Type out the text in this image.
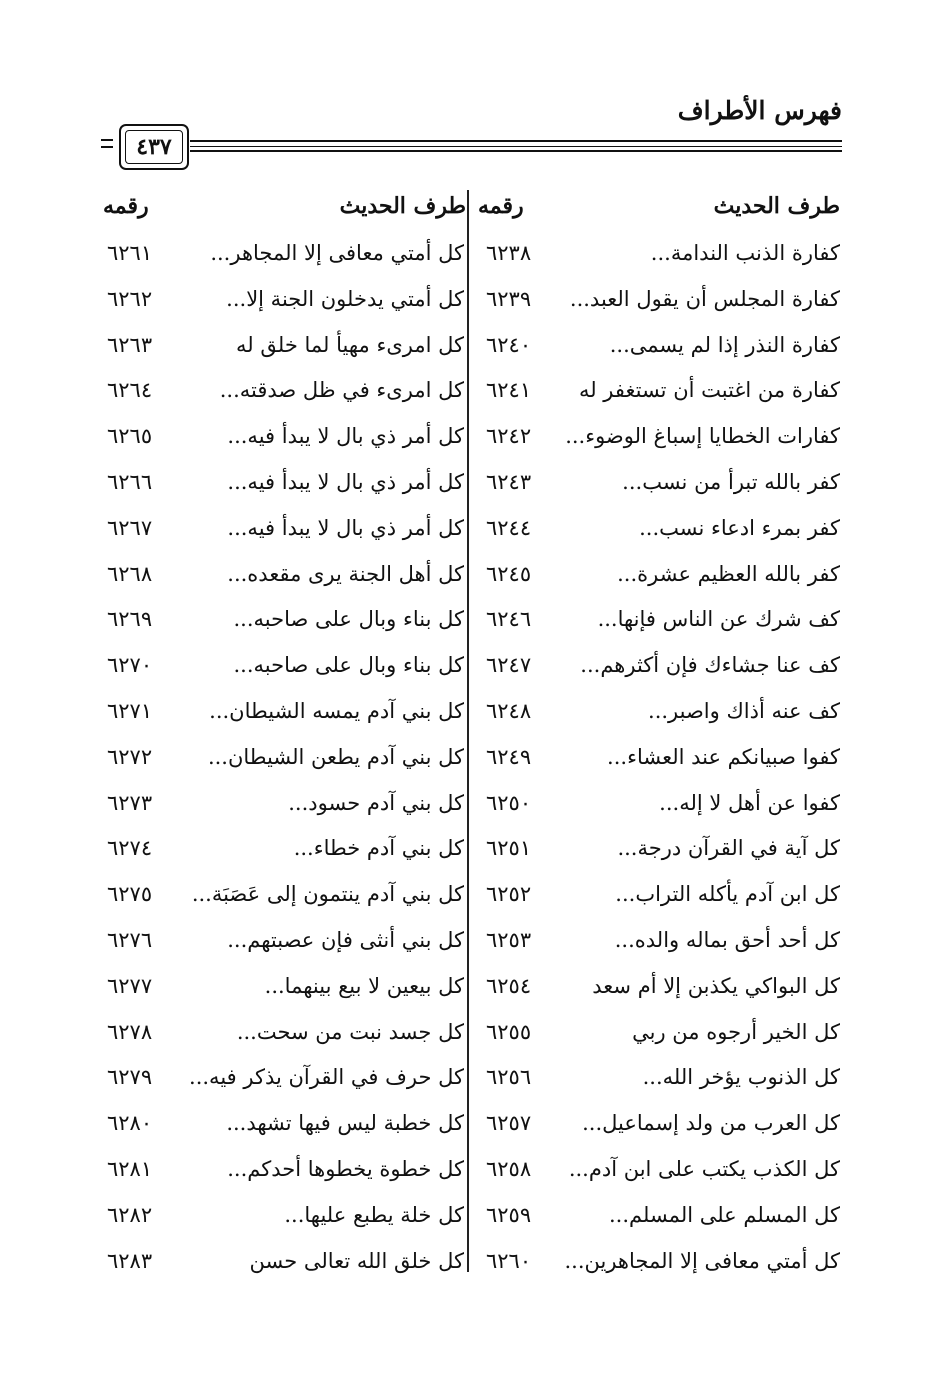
فهرس الأطراف
٤٣٧
طرف الحديث
رقمه
طرف الحديث
رقمه
كفارة الذنب الندامة...
٦٢٣٨
كل أمتي معافى إلا المجاهر...
٦٢٦١
كفارة المجلس أن يقول العبد...
٦٢٣٩
كل أمتي يدخلون الجنة إلا...
٦٢٦٢
كفارة النذر إذا لم يسمى...
٦٢٤٠
كل امرىء مهيأ لما خلق له
٦٢٦٣
كفارة من اغتبت أن تستغفر له
٦٢٤١
كل امرىء في ظل صدقته...
٦٢٦٤
كفارات الخطايا إسباغ الوضوء...
٦٢٤٢
كل أمر ذي بال لا يبدأ فيه...
٦٢٦٥
كفر بالله تبرأ من نسب...
٦٢٤٣
كل أمر ذي بال لا يبدأ فيه...
٦٢٦٦
كفر بمرء ادعاء نسب...
٦٢٤٤
كل أمر ذي بال لا يبدأ فيه...
٦٢٦٧
كفر بالله العظيم عشرة...
٦٢٤٥
كل أهل الجنة يرى مقعده...
٦٢٦٨
كف شرك عن الناس فإنها...
٦٢٤٦
كل بناء وبال على صاحبه...
٦٢٦٩
كف عنا جشاءك فإن أكثرهم...
٦٢٤٧
كل بناء وبال على صاحبه...
٦٢٧٠
كف عنه أذاك واصبر...
٦٢٤٨
كل بني آدم يمسه الشيطان...
٦٢٧١
كفوا صبيانكم عند العشاء...
٦٢٤٩
كل بني آدم يطعن الشيطان...
٦٢٧٢
كفوا عن أهل لا إله...
٦٢٥٠
كل بني آدم حسود...
٦٢٧٣
كل آية في القرآن درجة...
٦٢٥١
كل بني آدم خطاء...
٦٢٧٤
كل ابن آدم يأكله التراب...
٦٢٥٢
كل بني آدم ينتمون إلى عَصَبَة...
٦٢٧٥
كل أحد أحق بماله والده...
٦٢٥٣
كل بني أنثى فإن عصبتهم...
٦٢٧٦
كل البواكي يكذبن إلا أم سعد
٦٢٥٤
كل بيعين لا بيع بينهما...
٦٢٧٧
كل الخير أرجوه من ربي
٦٢٥٥
كل جسد نبت من سحت...
٦٢٧٨
كل الذنوب يؤخر الله...
٦٢٥٦
كل حرف في القرآن يذكر فيه...
٦٢٧٩
كل العرب من ولد إسماعيل...
٦٢٥٧
كل خطبة ليس فيها تشهد...
٦٢٨٠
كل الكذب يكتب على ابن آدم...
٦٢٥٨
كل خطوة يخطوها أحدكم...
٦٢٨١
كل المسلم على المسلم...
٦٢٥٩
كل خلة يطبع عليها...
٦٢٨٢
كل أمتي معافى إلا المجاهرين...
٦٢٦٠
كل خلق الله تعالى حسن
٦٢٨٣
